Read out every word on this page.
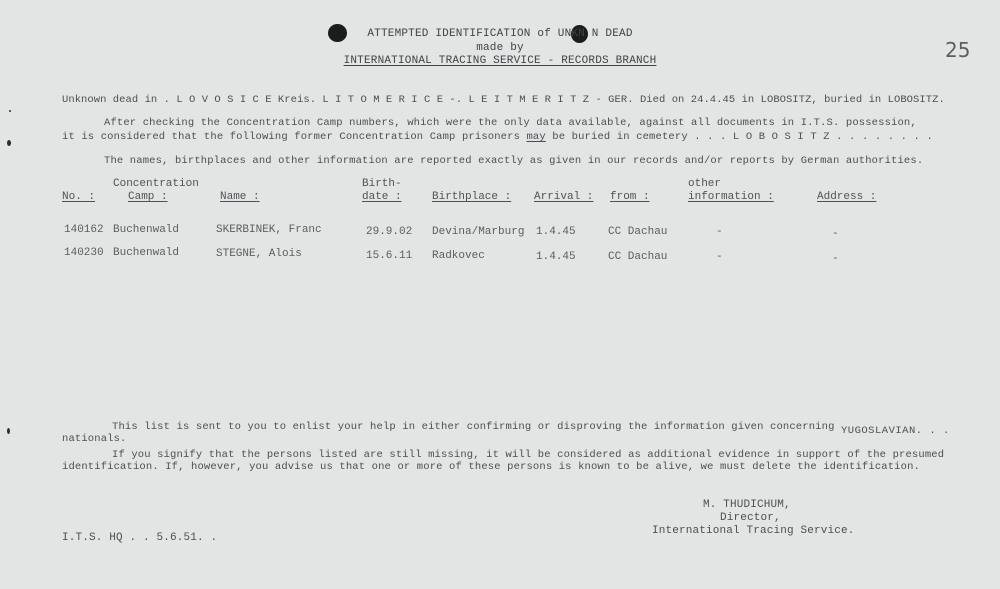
ATTEMPTED IDENTIFICATION of UNKN N DEAD
made by
INTERNATIONAL TRACING SERVICE - RECORDS BRANCH	25
Unknown dead in . L O V O S I C E Kreis. L I T O M E R I C E -. L E I T M E R I T Z - GER. Died on 24.4.45 in LOBOSITZ, buried in LOBOSITZ.
After checking the Concentration Camp numbers, which were the only data available, against all documents in I.T.S. possession,
it is considered that the following former Concentration Camp prisoners may be buried in cemetery . . . L O B O S I T Z . . . . . . . .
The names, birthplaces and other information are reported exactly as given in our records and/or reports by German authorities.
No. :
Concentration
Camp :	Name :
Birth-
date :	Birthplace : Arrival : from :
other
information :	Address :
140162 Buchenwald	SKERBINEK, Franc	29.9.02 Devina/Marburg 1.4.45	CC Dachau	-	-
140230 Buchenwald	STEGNE, Alois	15.6.11 Radkovec	1.4.45	CC Dachau	-	-
This list is sent to you to enlist your help in either confirming or disproving the information given concerning YUGOSLAVIAN. . .
nationals.
If you signify that the persons listed are still missing, it will be considered as additional evidence in support of the presumed
identification. If, however, you advise us that one or more of these persons is known to be alive, we must delete the identification.
M. THUDICHUM,
Director,
International Tracing Service.
I.T.S. HQ . . 5.6.51. .
